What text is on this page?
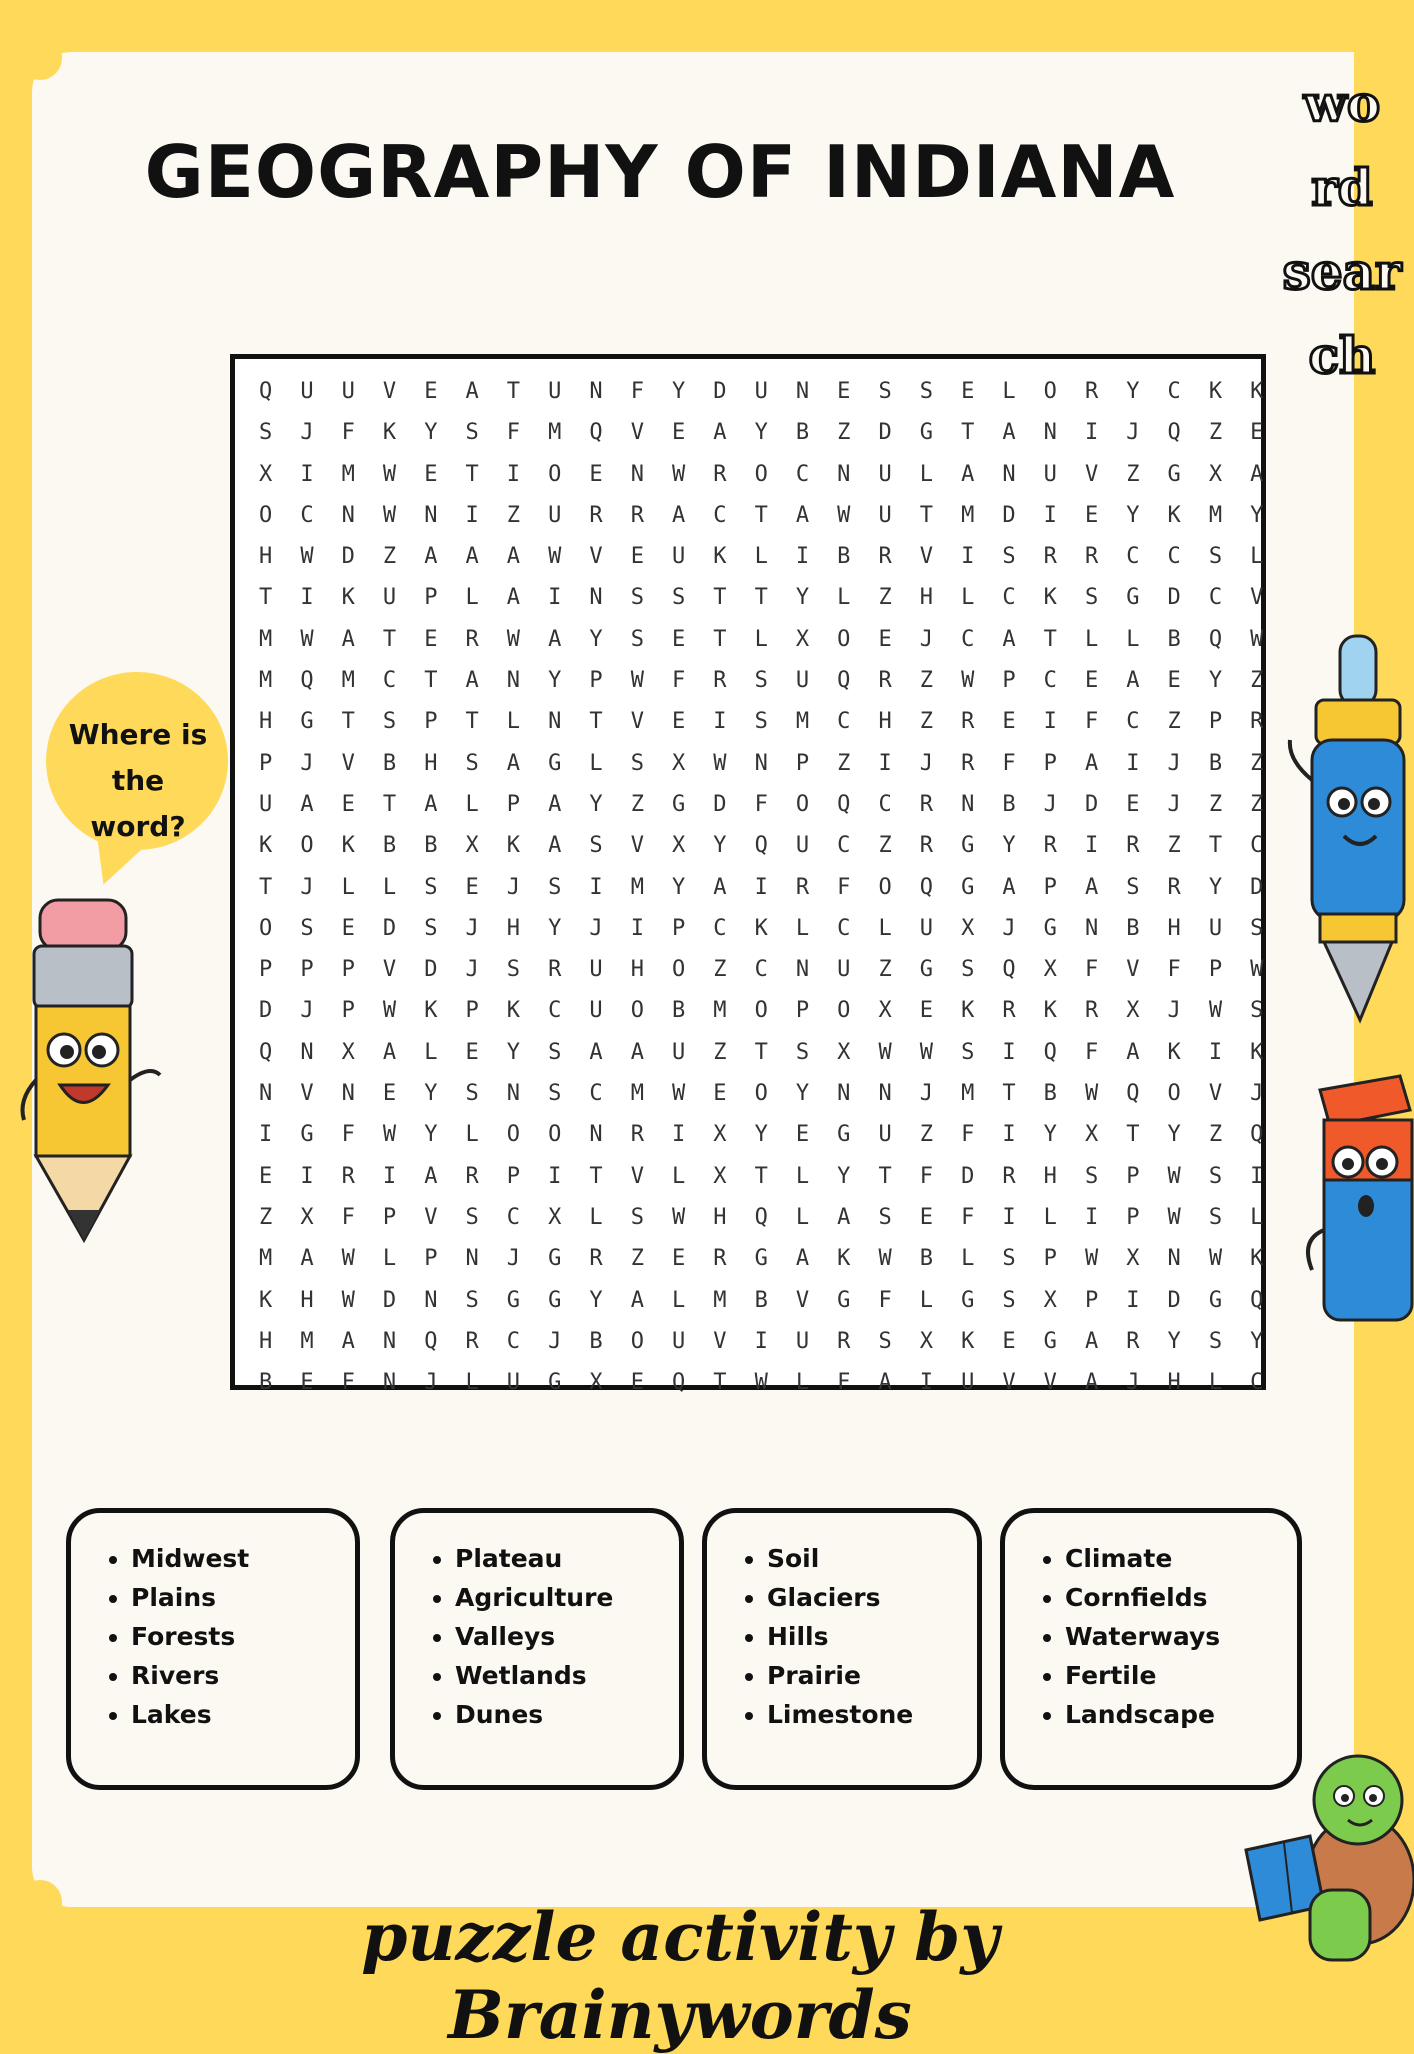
GEOGRAPHY OF INDIANA
wo
rd
sear
ch
Where is
the
word?
Q	U	U	V	E	A	T	U	N	F	Y	D	U	N	E	S	S	E	L	O	R	Y	C	K	K
S	J	F	K	Y	S	F	M	Q	V	E	A	Y	B	Z	D	G	T	A	N	I	J	Q	Z	E
X	I	M	W	E	T	I	O	E	N	W	R	O	C	N	U	L	A	N	U	V	Z	G	X	A
O	C	N	W	N	I	Z	U	R	R	A	C	T	A	W	U	T	M	D	I	E	Y	K	M	Y
H	W	D	Z	A	A	A	W	V	E	U	K	L	I	B	R	V	I	S	R	R	C	C	S	L
T	I	K	U	P	L	A	I	N	S	S	T	T	Y	L	Z	H	L	C	K	S	G	D	C	V
M	W	A	T	E	R	W	A	Y	S	E	T	L	X	O	E	J	C	A	T	L	L	B	Q	W
M	Q	M	C	T	A	N	Y	P	W	F	R	S	U	Q	R	Z	W	P	C	E	A	E	Y	Z
H	G	T	S	P	T	L	N	T	V	E	I	S	M	C	H	Z	R	E	I	F	C	Z	P	R
P	J	V	B	H	S	A	G	L	S	X	W	N	P	Z	I	J	R	F	P	A	I	J	B	Z
U	A	E	T	A	L	P	A	Y	Z	G	D	F	O	Q	C	R	N	B	J	D	E	J	Z	Z
K	O	K	B	B	X	K	A	S	V	X	Y	Q	U	C	Z	R	G	Y	R	I	R	Z	T	C
T	J	L	L	S	E	J	S	I	M	Y	A	I	R	F	O	Q	G	A	P	A	S	R	Y	D
O	S	E	D	S	J	H	Y	J	I	P	C	K	L	C	L	U	X	J	G	N	B	H	U	S
P	P	P	V	D	J	S	R	U	H	O	Z	C	N	U	Z	G	S	Q	X	F	V	F	P	W
D	J	P	W	K	P	K	C	U	O	B	M	O	P	O	X	E	K	R	K	R	X	J	W	S
Q	N	X	A	L	E	Y	S	A	A	U	Z	T	S	X	W	W	S	I	Q	F	A	K	I	K
N	V	N	E	Y	S	N	S	C	M	W	E	O	Y	N	N	J	M	T	B	W	Q	O	V	J
I	G	F	W	Y	L	O	O	N	R	I	X	Y	E	G	U	Z	F	I	Y	X	T	Y	Z	Q
E	I	R	I	A	R	P	I	T	V	L	X	T	L	Y	T	F	D	R	H	S	P	W	S	I
Z	X	F	P	V	S	C	X	L	S	W	H	Q	L	A	S	E	F	I	L	I	P	W	S	L
M	A	W	L	P	N	J	G	R	Z	E	R	G	A	K	W	B	L	S	P	W	X	N	W	K
K	H	W	D	N	S	G	G	Y	A	L	M	B	V	G	F	L	G	S	X	P	I	D	G	Q
H	M	A	N	Q	R	C	J	B	O	U	V	I	U	R	S	X	K	E	G	A	R	Y	S	Y
B	E	F	N	J	L	U	G	X	E	Q	T	W	L	F	A	I	U	V	V	A	J	H	L	C
• Midwest
• Plains
• Forests
• Rivers
• Lakes
• Plateau
• Agriculture
• Valleys
• Wetlands
• Dunes
• Soil
• Glaciers
• Hills
• Prairie
• Limestone
• Climate
• Cornfields
• Waterways
• Fertile
• Landscape
puzzle activity by Brainywords
